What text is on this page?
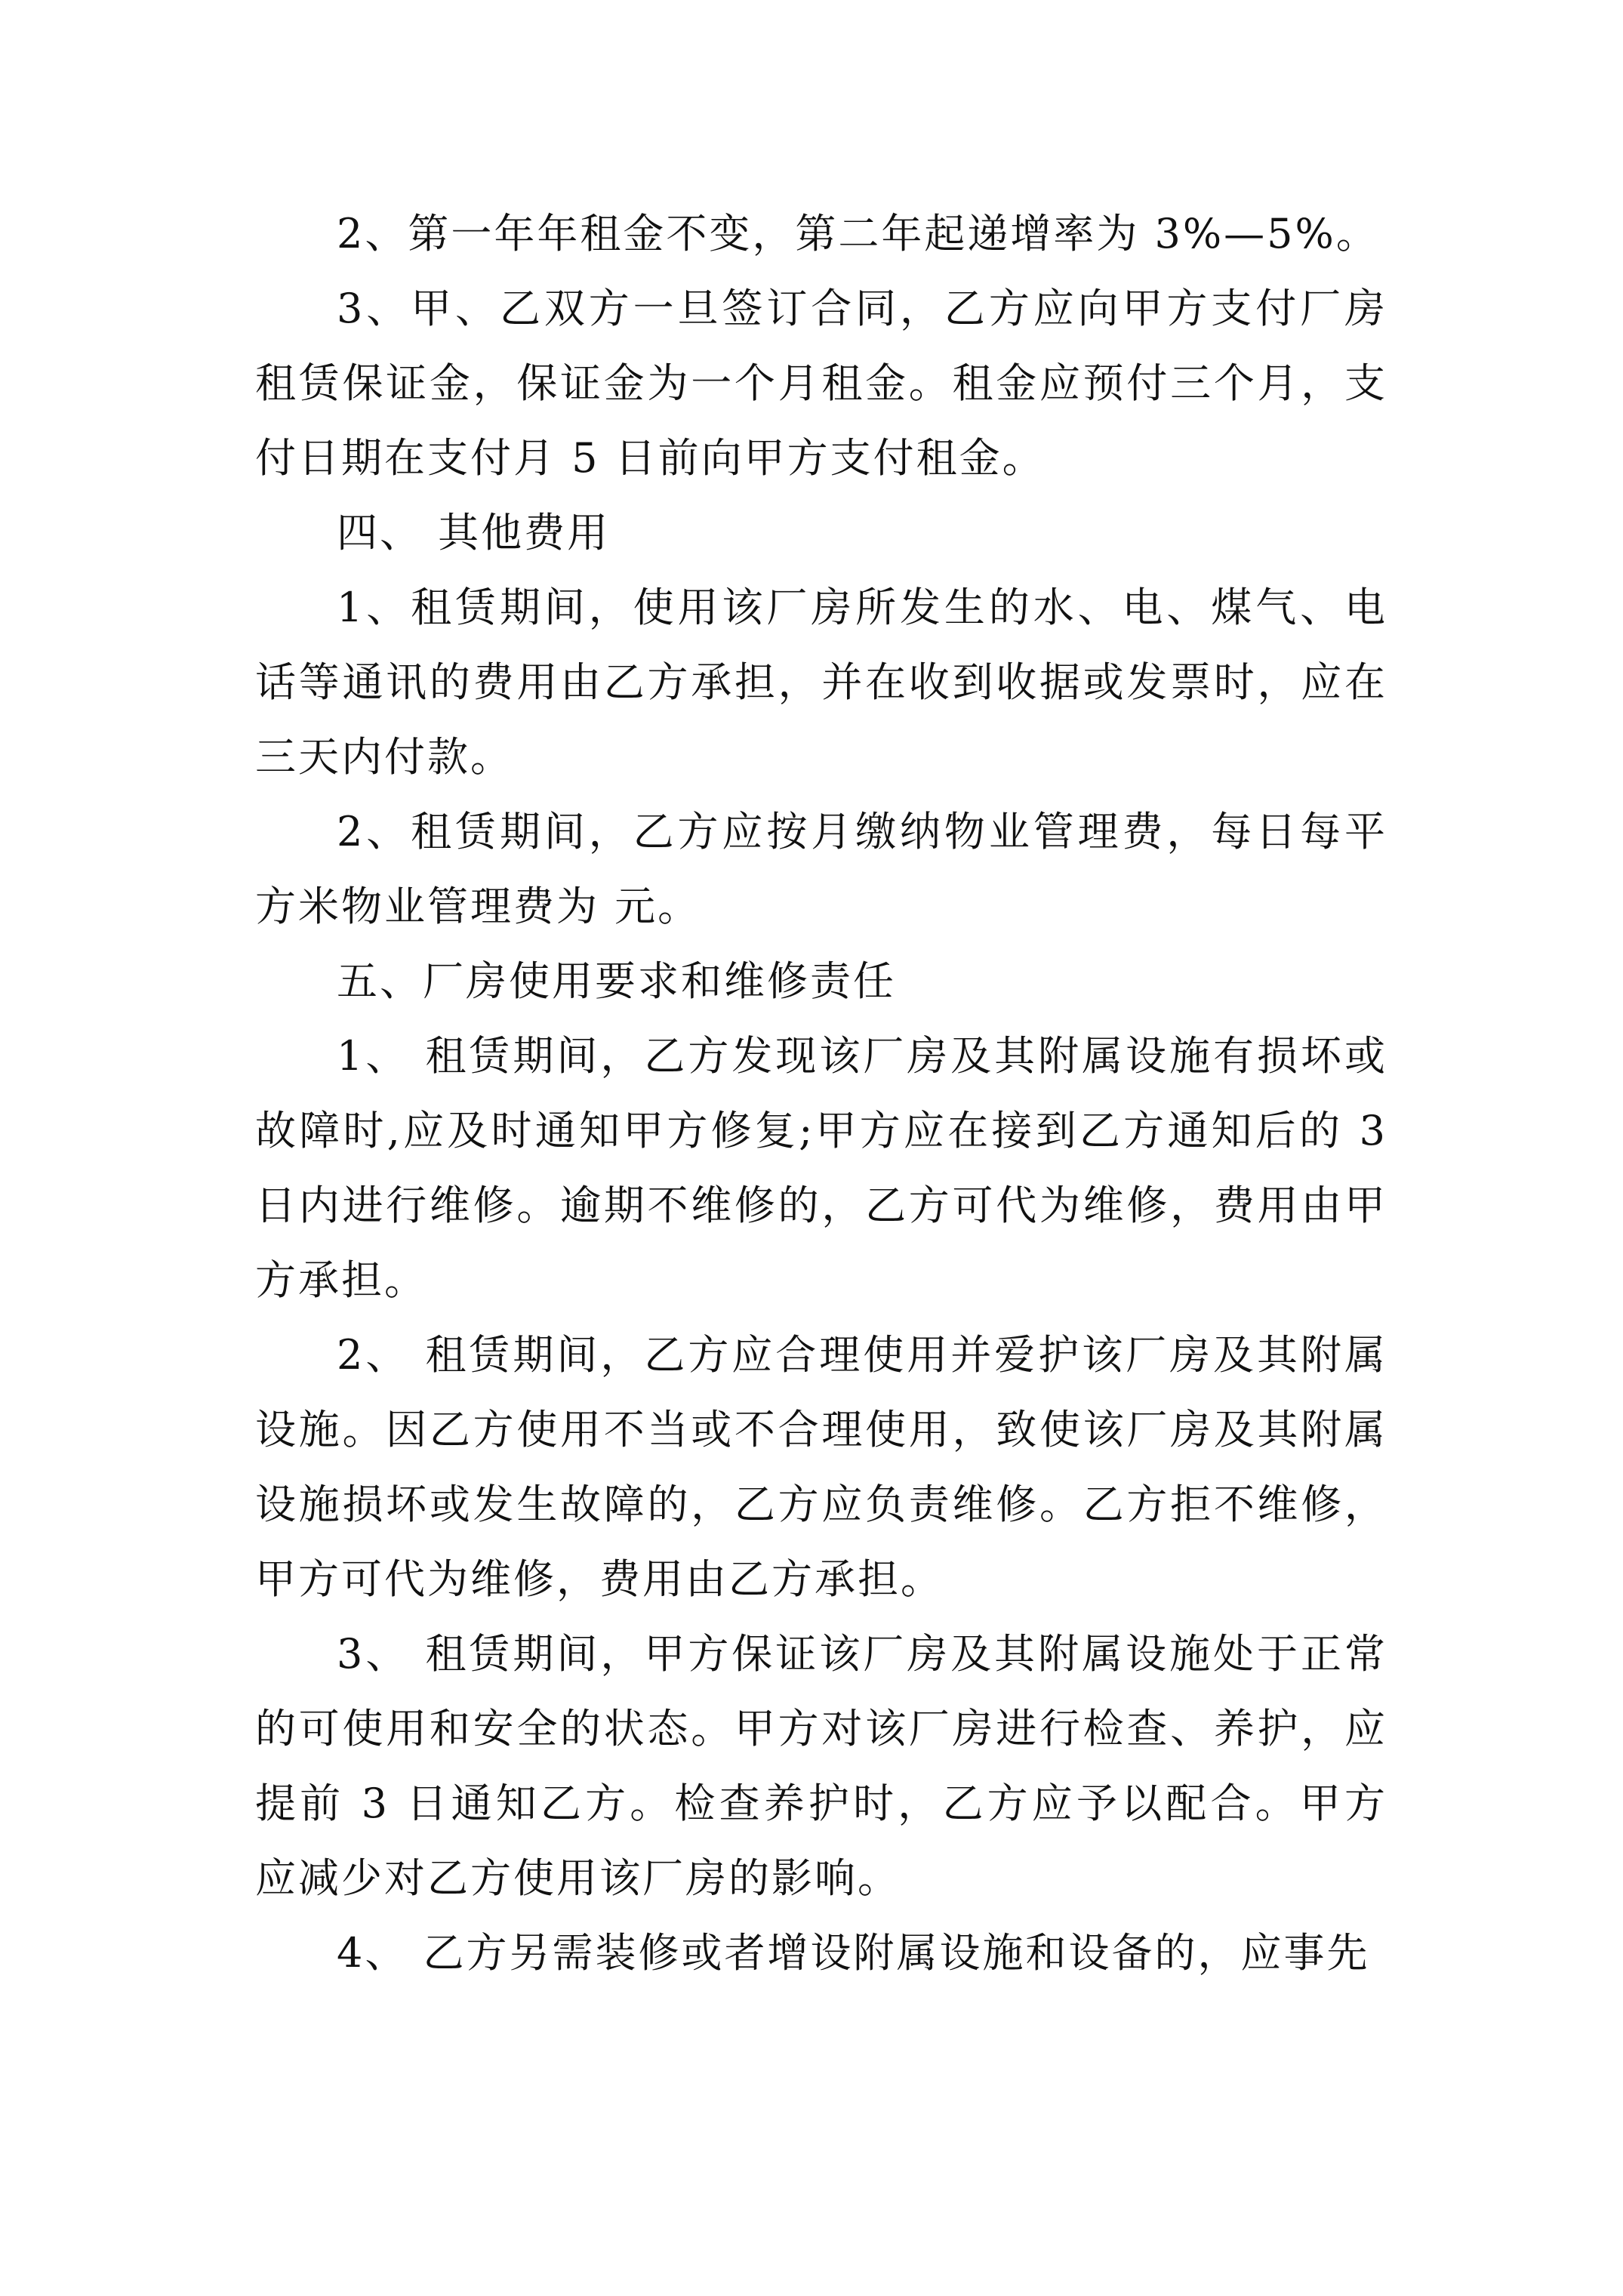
2、第一年年租金不变，第二年起递增率为 3%—5%。

3、甲、乙双方一旦签订合同，乙方应向甲方支付厂房租赁保证金，保证金为一个月租金。租金应预付三个月，支付日期在支付月 5 日前向甲方支付租金。

四、 其他费用

1、租赁期间，使用该厂房所发生的水、电、煤气、电话等通讯的费用由乙方承担，并在收到收据或发票时，应在三天内付款。

2、租赁期间，乙方应按月缴纳物业管理费，每日每平方米物业管理费为 元。

五、厂房使用要求和维修责任

1、 租赁期间，乙方发现该厂房及其附属设施有损坏或故障时,应及时通知甲方修复;甲方应在接到乙方通知后的 3 日内进行维修。逾期不维修的，乙方可代为维修，费用由甲方承担。

2、 租赁期间，乙方应合理使用并爱护该厂房及其附属设施。因乙方使用不当或不合理使用，致使该厂房及其附属设施损坏或发生故障的，乙方应负责维修。乙方拒不维修，甲方可代为维修，费用由乙方承担。

3、 租赁期间，甲方保证该厂房及其附属设施处于正常的可使用和安全的状态。甲方对该厂房进行检查、养护，应提前 3 日通知乙方。检查养护时，乙方应予以配合。甲方应减少对乙方使用该厂房的影响。

4、 乙方另需装修或者增设附属设施和设备的，应事先
